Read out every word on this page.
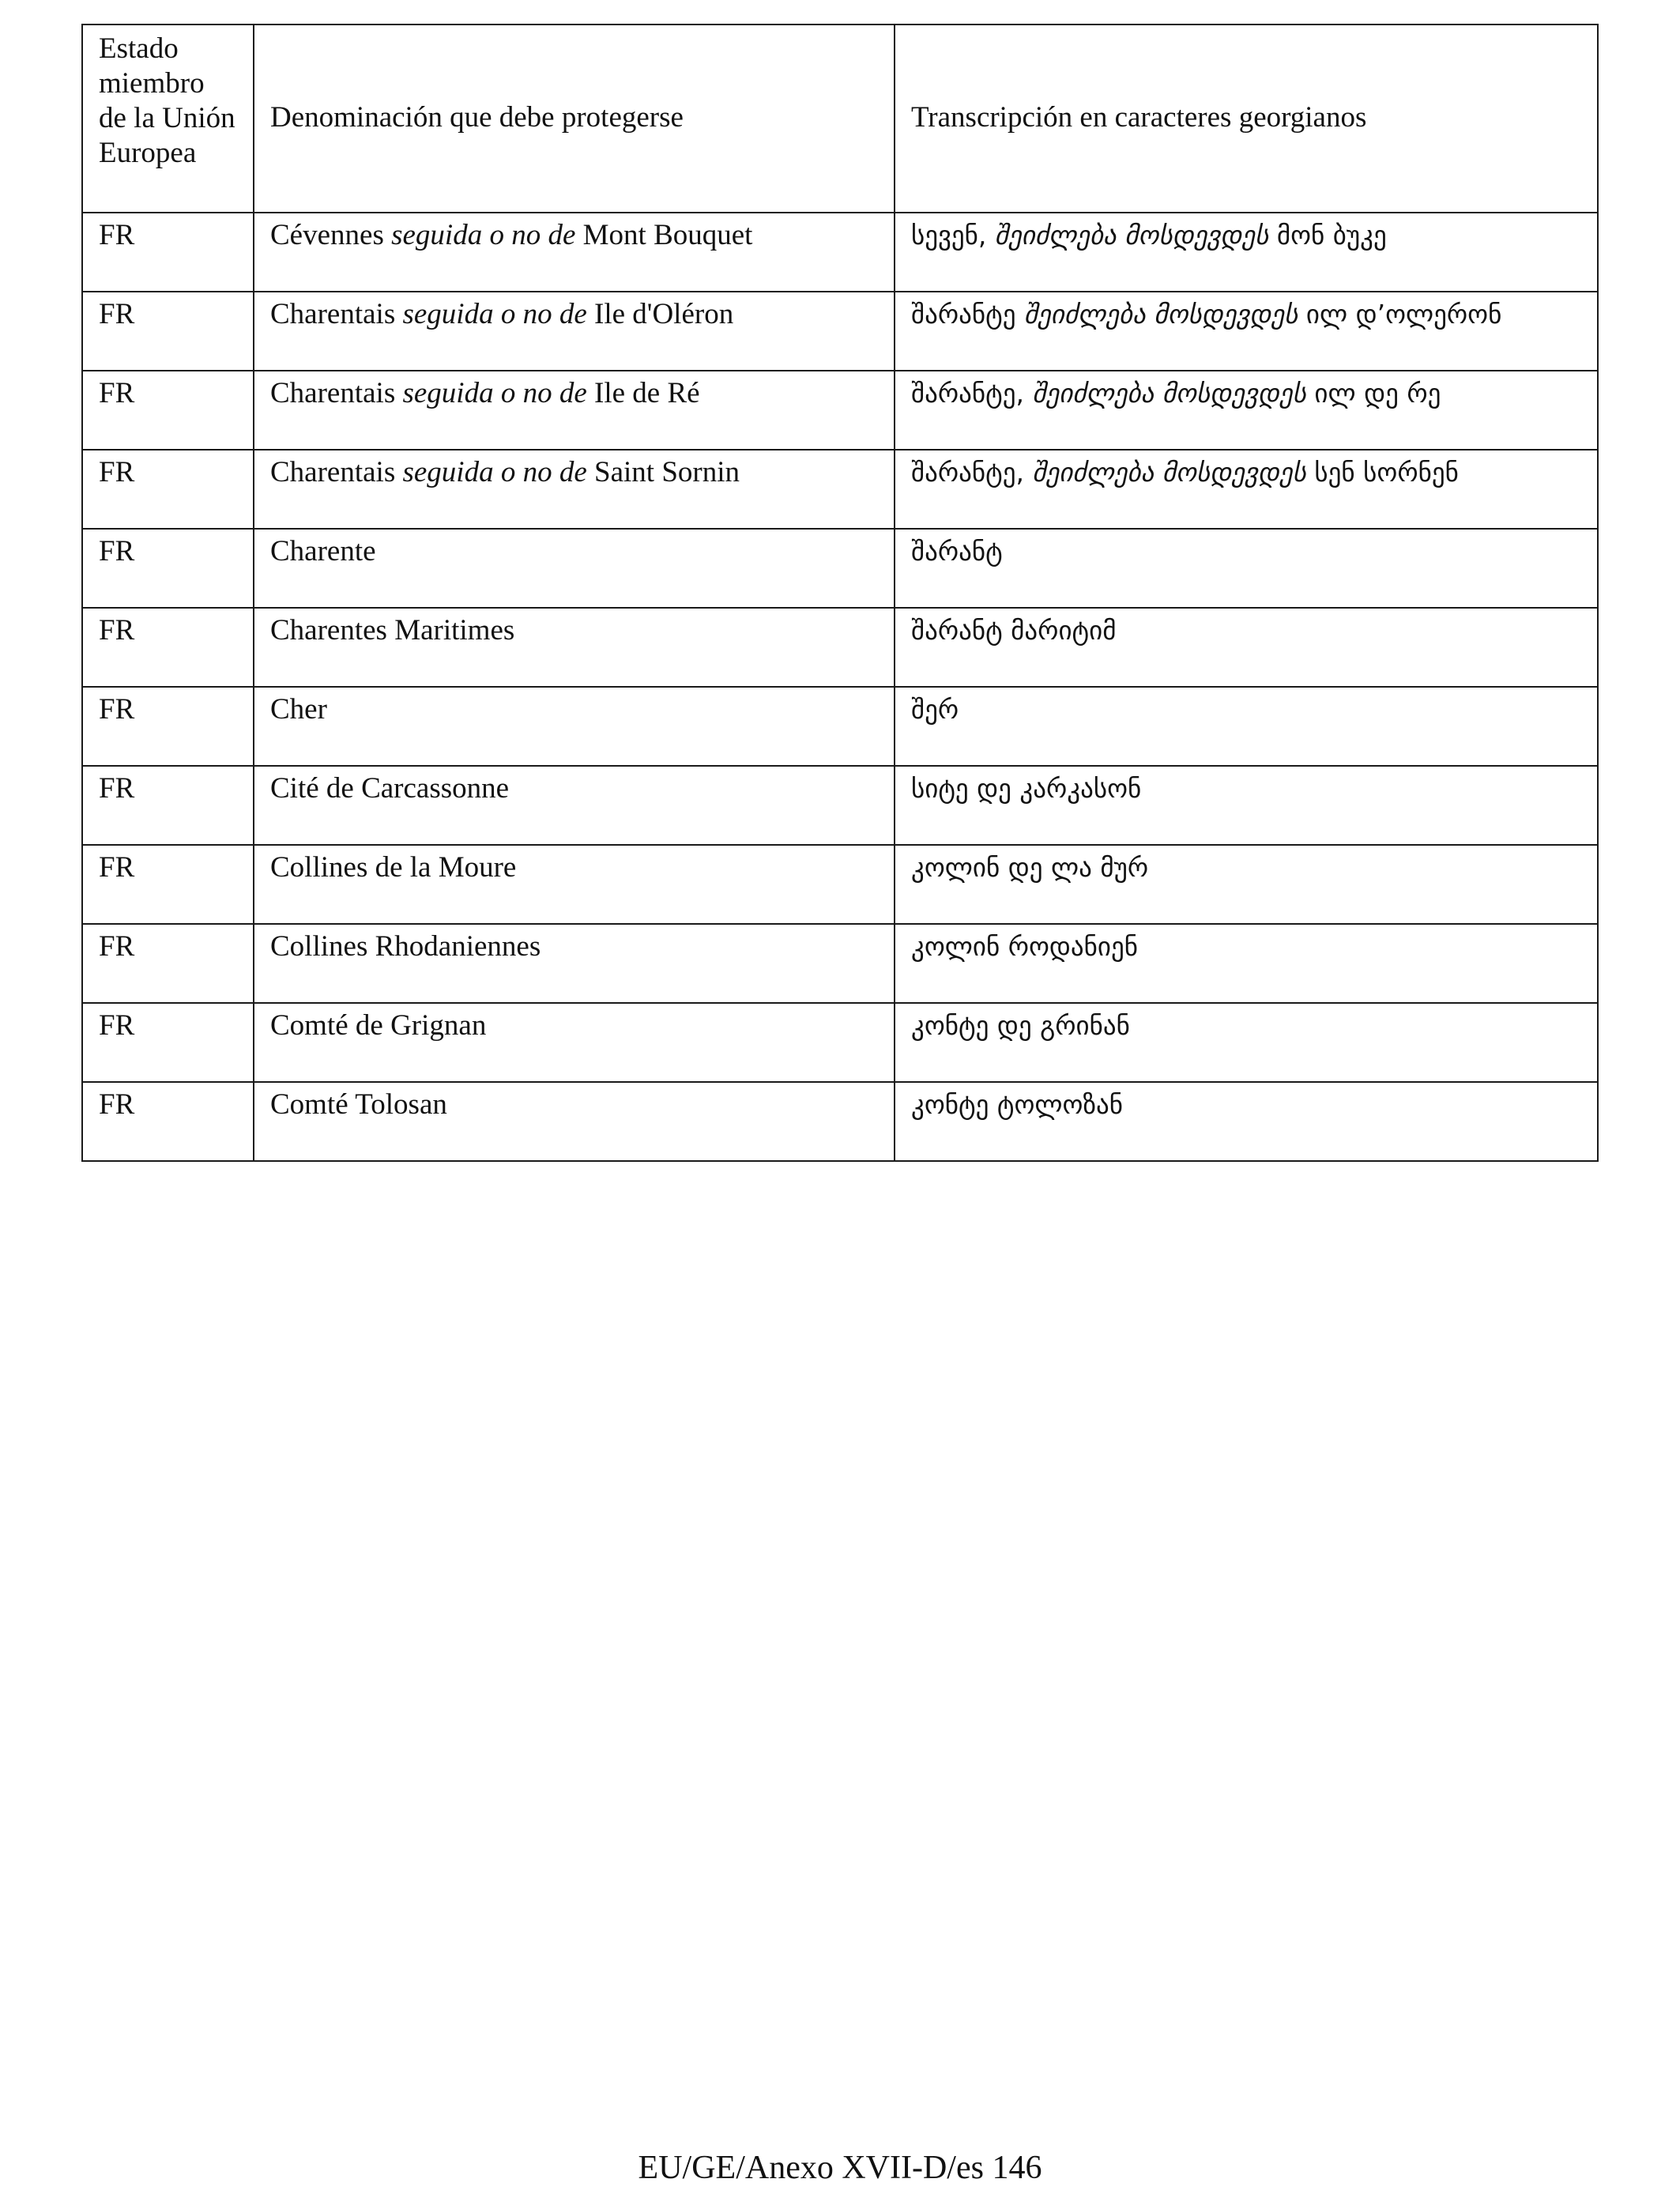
Estado miembro de la Unión Europea	Denominación que debe protegerse	Transcripción en caracteres georgianos
FR	Cévennes seguida o no de Mont Bouquet	სევენ, შეიძლება მოსდევდეს მონ ბუკე
FR	Charentais seguida o no de Ile d'Oléron	შარანტე შეიძლება მოსდევდეს ილ დ’ოლერონ
FR	Charentais seguida o no de Ile de Ré	შარანტე, შეიძლება მოსდევდეს ილ დე რე
FR	Charentais seguida o no de Saint Sornin	შარანტე, შეიძლება მოსდევდეს სენ სორნენ
FR	Charente	შარანტ
FR	Charentes Maritimes	შარანტ მარიტიმ
FR	Cher	შერ
FR	Cité de Carcassonne	სიტე დე კარკასონ
FR	Collines de la Moure	კოლინ დე ლა მურ
FR	Collines Rhodaniennes	კოლინ როდანიენ
FR	Comté de Grignan	კონტე დე გრინან
FR	Comté Tolosan	კონტე ტოლოზან
EU/GE/Anexo XVII-D/es 146
